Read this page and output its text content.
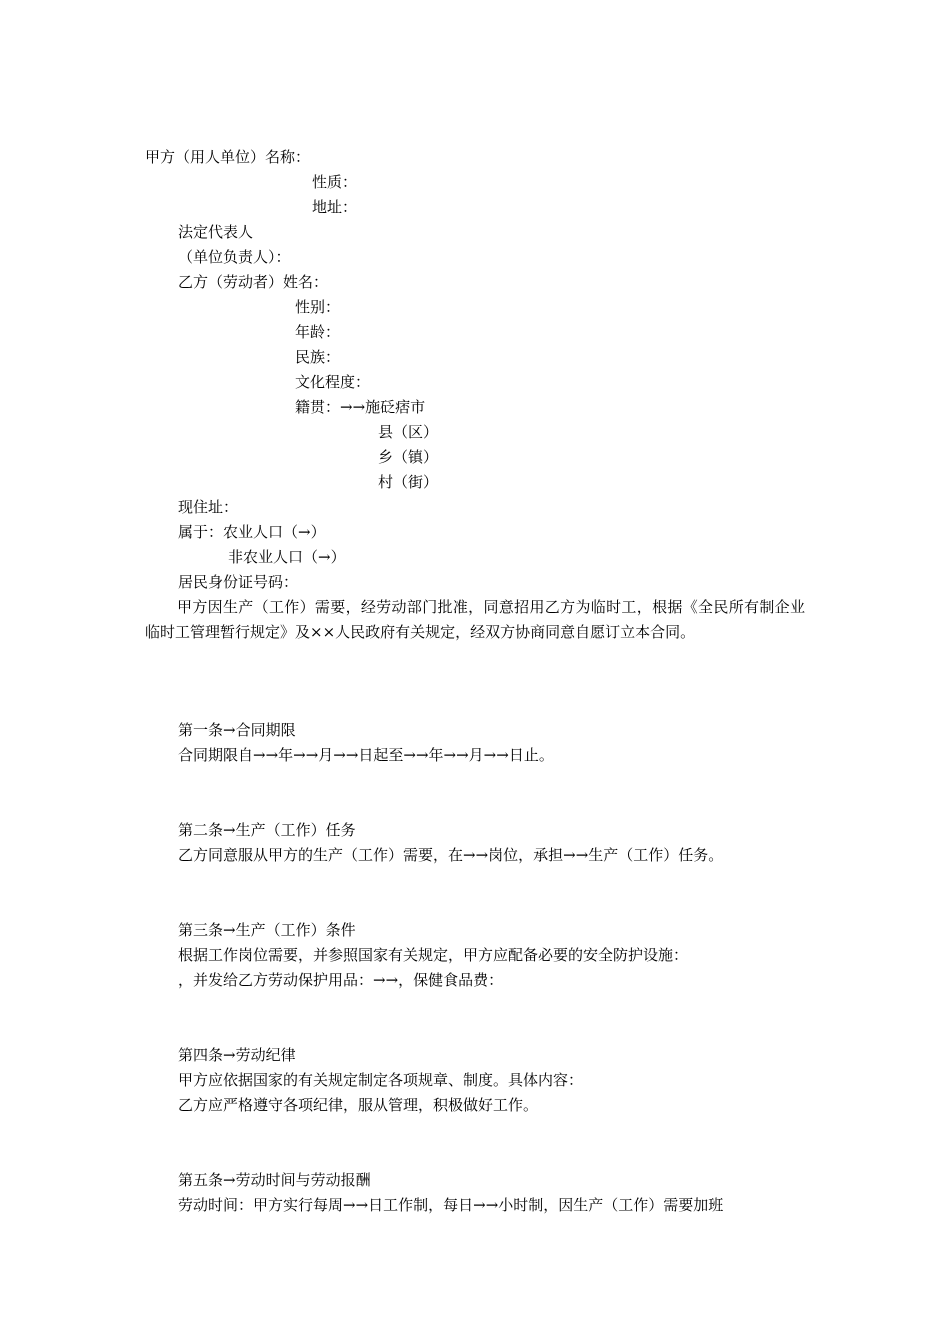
甲方（用人单位）名称：
性质：
地址：
法定代表人
（单位负责人）：
乙方（劳动者）姓名：
性别：
年龄：
民族：
文化程度：
籍贯：→→施砭痞市
县（区）
乡（镇）
村（街）
现住址：
属于：农业人口（→）
非农业人口（→）
居民身份证号码：
甲方因生产（工作）需要，经劳动部门批准，同意招用乙方为临时工，根据《全民所有制企业临时工管理暂行规定》及××人民政府有关规定，经双方协商同意自愿订立本合同。
第一条→合同期限
合同期限自→→年→→月→→日起至→→年→→月→→日止。
第二条→生产（工作）任务
乙方同意服从甲方的生产（工作）需要，在→→岗位，承担→→生产（工作）任务。
第三条→生产（工作）条件
根据工作岗位需要，并参照国家有关规定，甲方应配备必要的安全防护设施：
，并发给乙方劳动保护用品：→→，保健食品费：
第四条→劳动纪律
甲方应依据国家的有关规定制定各项规章、制度。具体内容：
乙方应严格遵守各项纪律，服从管理，积极做好工作。
第五条→劳动时间与劳动报酬
劳动时间：甲方实行每周→→日工作制，每日→→小时制，因生产（工作）需要加班
